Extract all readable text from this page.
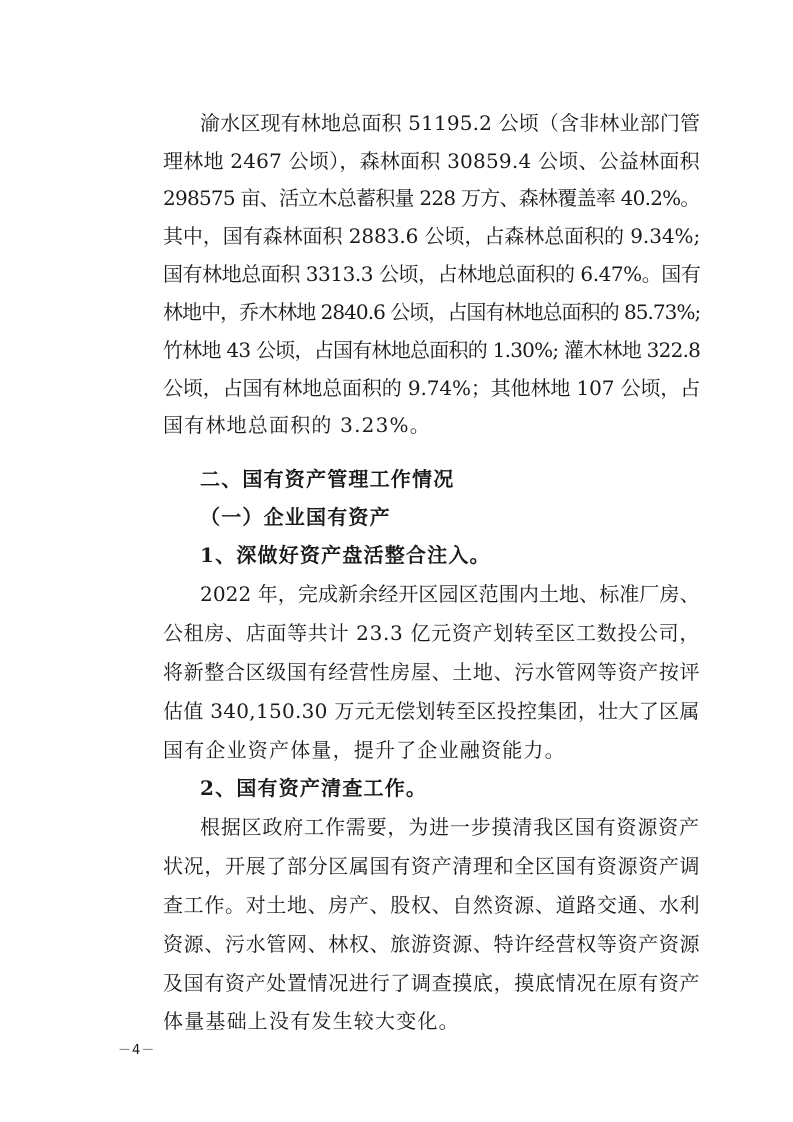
渝水区现有林地总面积 51195.2 公顷（含非林业部门管
理林地 2467 公顷），森林面积 30859.4 公顷、公益林面积
298575 亩、活立木总蓄积量 228 万方、森林覆盖率 40.2%。
其中，国有森林面积 2883.6 公顷，占森林总面积的 9.34%;
国有林地总面积 3313.3 公顷，占林地总面积的 6.47%。国有
林地中，乔木林地 2840.6 公顷，占国有林地总面积的 85.73%;
竹林地 43 公顷，占国有林地总面积的 1.30%; 灌木林地 322.8
公顷，占国有林地总面积的 9.74%；其他林地 107 公顷，占
国有林地总面积的 3.23%。
二、国有资产管理工作情况
（一）企业国有资产
1、深做好资产盘活整合注入。
2022 年，完成新余经开区园区范围内土地、标准厂房、
公租房、店面等共计 23.3 亿元资产划转至区工数投公司，
将新整合区级国有经营性房屋、土地、污水管网等资产按评
估值 340,150.30 万元无偿划转至区投控集团，壮大了区属
国有企业资产体量，提升了企业融资能力。
2、国有资产清查工作。
根据区政府工作需要，为进一步摸清我区国有资源资产
状况，开展了部分区属国有资产清理和全区国有资源资产调
查工作。对土地、房产、股权、自然资源、道路交通、水利
资源、污水管网、林权、旅游资源、特许经营权等资产资源
及国有资产处置情况进行了调查摸底，摸底情况在原有资产
体量基础上没有发生较大变化。
－4－
